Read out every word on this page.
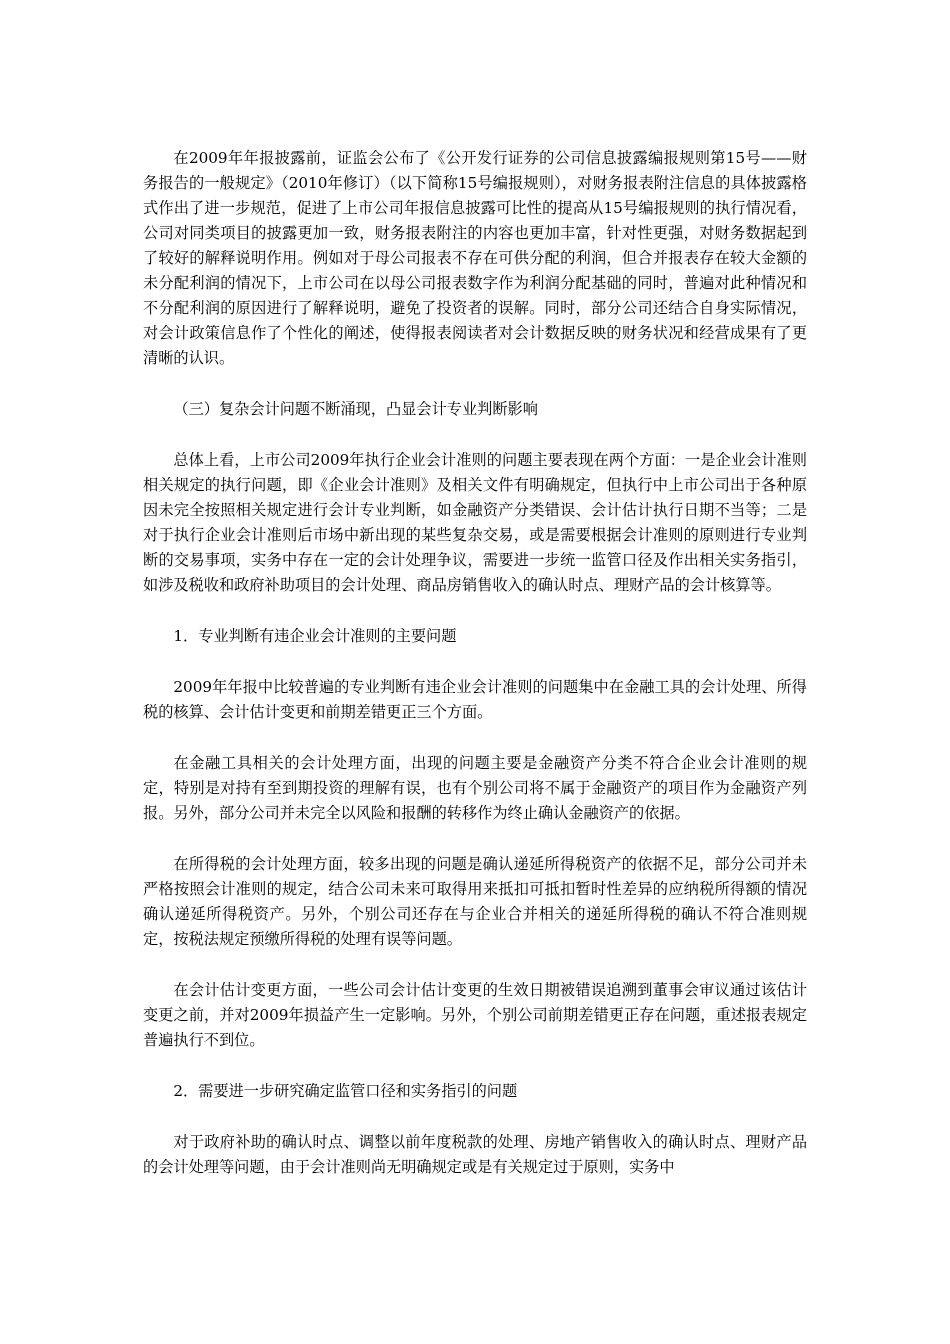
在2009年年报披露前，证监会公布了《公开发行证券的公司信息披露编报规则第15号——财务报告的一般规定》（2010年修订）（以下简称15号编报规则），对财务报表附注信息的具体披露格式作出了进一步规范，促进了上市公司年报信息披露可比性的提高从15号编报规则的执行情况看，公司对同类项目的披露更加一致，财务报表附注的内容也更加丰富，针对性更强，对财务数据起到了较好的解释说明作用。例如对于母公司报表不存在可供分配的利润，但合并报表存在较大金额的未分配利润的情况下，上市公司在以母公司报表数字作为利润分配基础的同时，普遍对此种情况和不分配利润的原因进行了解释说明，避免了投资者的误解。同时，部分公司还结合自身实际情况，对会计政策信息作了个性化的阐述，使得报表阅读者对会计数据反映的财务状况和经营成果有了更清晰的认识。

（三）复杂会计问题不断涌现，凸显会计专业判断影响

总体上看，上市公司2009年执行企业会计准则的问题主要表现在两个方面：一是企业会计准则相关规定的执行问题，即《企业会计准则》及相关文件有明确规定，但执行中上市公司出于各种原因未完全按照相关规定进行会计专业判断，如金融资产分类错误、会计估计执行日期不当等；二是对于执行企业会计准则后市场中新出现的某些复杂交易，或是需要根据会计准则的原则进行专业判断的交易事项，实务中存在一定的会计处理争议，需要进一步统一监管口径及作出相关实务指引，如涉及税收和政府补助项目的会计处理、商品房销售收入的确认时点、理财产品的会计核算等。

1．专业判断有违企业会计准则的主要问题

2009年年报中比较普遍的专业判断有违企业会计准则的问题集中在金融工具的会计处理、所得税的核算、会计估计变更和前期差错更正三个方面。

在金融工具相关的会计处理方面，出现的问题主要是金融资产分类不符合企业会计准则的规定，特别是对持有至到期投资的理解有误，也有个别公司将不属于金融资产的项目作为金融资产列报。另外，部分公司并未完全以风险和报酬的转移作为终止确认金融资产的依据。

在所得税的会计处理方面，较多出现的问题是确认递延所得税资产的依据不足，部分公司并未严格按照会计准则的规定，结合公司未来可取得用来抵扣可抵扣暂时性差异的应纳税所得额的情况确认递延所得税资产。另外，个别公司还存在与企业合并相关的递延所得税的确认不符合准则规定，按税法规定预缴所得税的处理有误等问题。

在会计估计变更方面，一些公司会计估计变更的生效日期被错误追溯到董事会审议通过该估计变更之前，并对2009年损益产生一定影响。另外，个别公司前期差错更正存在问题，重述报表规定普遍执行不到位。

2．需要进一步研究确定监管口径和实务指引的问题

对于政府补助的确认时点、调整以前年度税款的处理、房地产销售收入的确认时点、理财产品的会计处理等问题，由于会计准则尚无明确规定或是有关规定过于原则，实务中
